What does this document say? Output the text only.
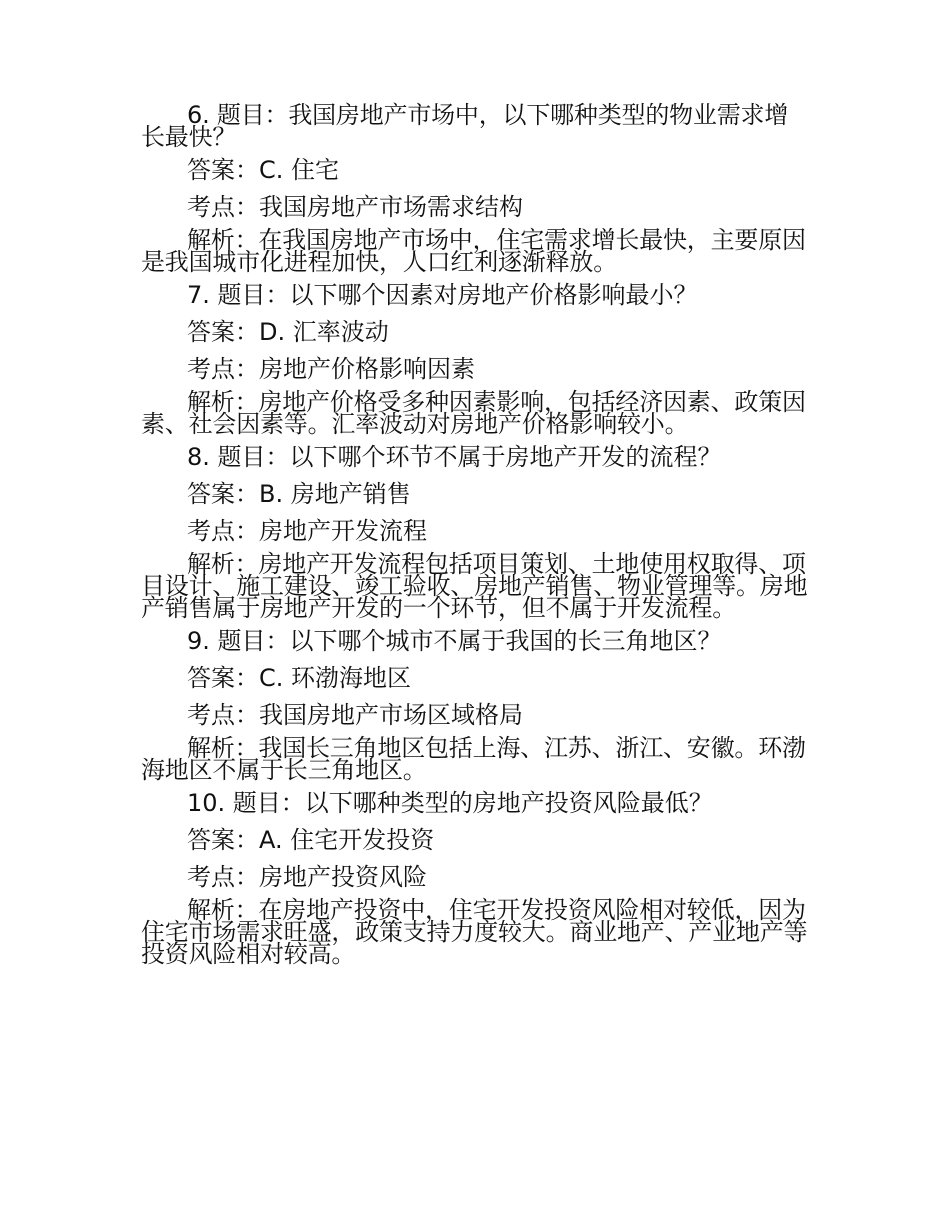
6. 题目：我国房地产市场中，以下哪种类型的物业需求增长最快？

答案：C. 住宅

考点：我国房地产市场需求结构

解析：在我国房地产市场中，住宅需求增长最快，主要原因是我国城市化进程加快，人口红利逐渐释放。

7. 题目：以下哪个因素对房地产价格影响最小？

答案：D. 汇率波动

考点：房地产价格影响因素

解析：房地产价格受多种因素影响，包括经济因素、政策因素、社会因素等。汇率波动对房地产价格影响较小。

8. 题目：以下哪个环节不属于房地产开发的流程？

答案：B. 房地产销售

考点：房地产开发流程

解析：房地产开发流程包括项目策划、土地使用权取得、项目设计、施工建设、竣工验收、房地产销售、物业管理等。房地产销售属于房地产开发的一个环节，但不属于开发流程。

9. 题目：以下哪个城市不属于我国的长三角地区？

答案：C. 环渤海地区

考点：我国房地产市场区域格局

解析：我国长三角地区包括上海、江苏、浙江、安徽。环渤海地区不属于长三角地区。

10. 题目：以下哪种类型的房地产投资风险最低？

答案：A. 住宅开发投资

考点：房地产投资风险

解析：在房地产投资中，住宅开发投资风险相对较低，因为住宅市场需求旺盛，政策支持力度较大。商业地产、产业地产等投资风险相对较高。
